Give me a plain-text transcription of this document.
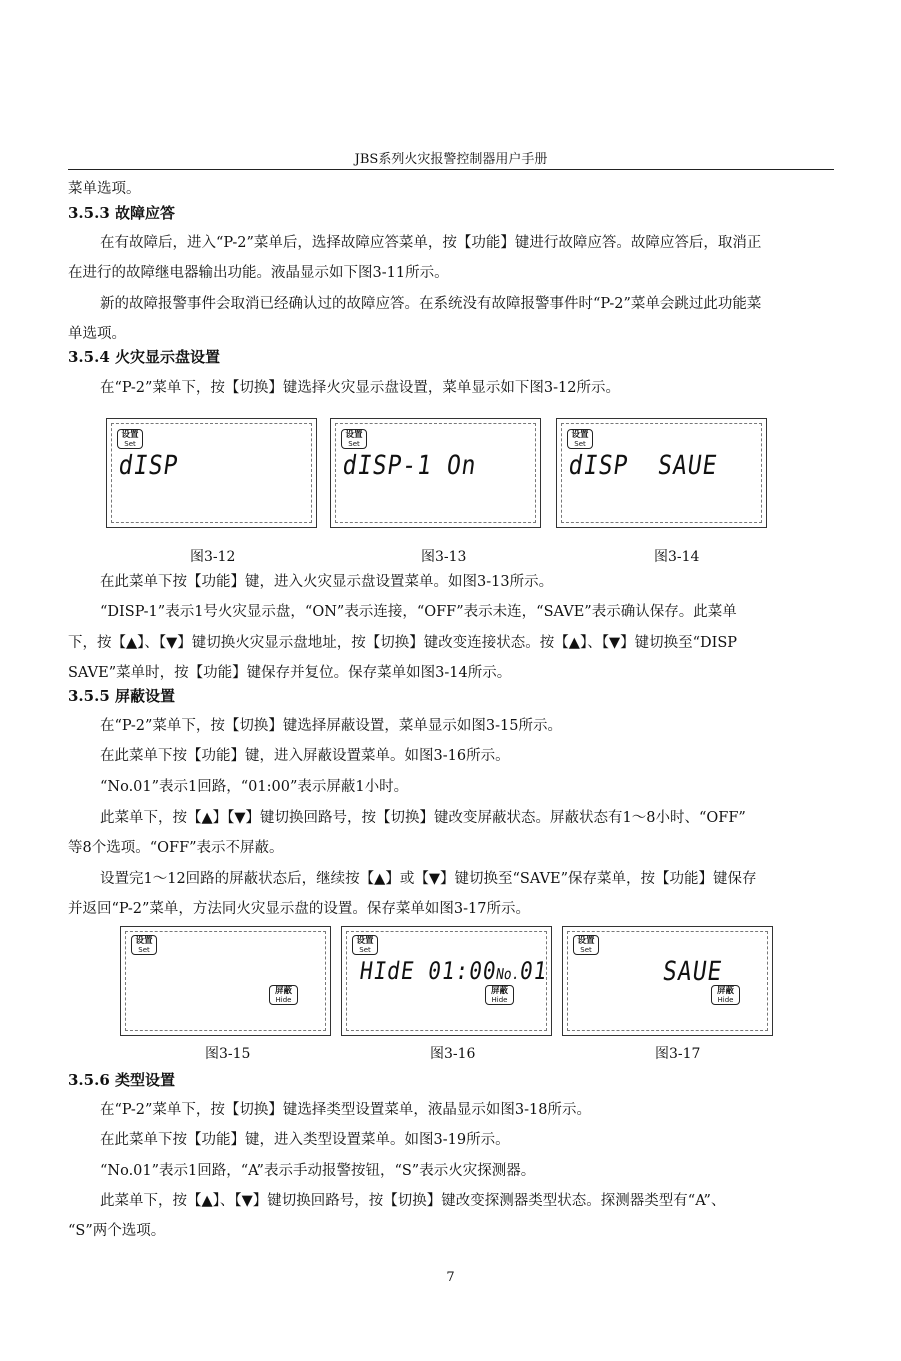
JBS系列火灾报警控制器用户手册
菜单选项。
3.5.3 故障应答
在有故障后，进入“P-2”菜单后，选择故障应答菜单，按【功能】键进行故障应答。故障应答后，取消正
在进行的故障继电器输出功能。液晶显示如下图3-11所示。
新的故障报警事件会取消已经确认过的故障应答。在系统没有故障报警事件时“P-2”菜单会跳过此功能菜
单选项。
3.5.4 火灾显示盘设置
在“P-2”菜单下，按【切换】键选择火灾显示盘设置，菜单显示如下图3-12所示。
设置
Set
dISP
设置
Set
dISP-1 On
设置
Set
dISP  SAUE
图3-12	图3-13	图3-14
在此菜单下按【功能】键，进入火灾显示盘设置菜单。如图3-13所示。
“DISP-1”表示1号火灾显示盘，“ON”表示连接，“OFF”表示未连，“SAVE”表示确认保存。此菜单
下，按【▲】、【▼】键切换火灾显示盘地址，按【切换】键改变连接状态。按【▲】、【▼】键切换至“DISP
SAVE”菜单时，按【功能】键保存并复位。保存菜单如图3-14所示。
3.5.5 屏蔽设置
在“P-2”菜单下，按【切换】键选择屏蔽设置，菜单显示如图3-15所示。
在此菜单下按【功能】键，进入屏蔽设置菜单。如图3-16所示。
“No.01”表示1回路，“01:00”表示屏蔽1小时。
此菜单下，按【▲】【▼】键切换回路号，按【切换】键改变屏蔽状态。屏蔽状态有1～8小时、“OFF”
等8个选项。“OFF”表示不屏蔽。
设置完1～12回路的屏蔽状态后，继续按【▲】或【▼】键切换至“SAVE”保存菜单，按【功能】键保存
并返回“P-2”菜单，方法同火灾显示盘的设置。保存菜单如图3-17所示。
设置
Set
屏蔽
Hide
设置
Set
HIdE 01:00No.01
屏蔽
Hide
设置
Set
SAUE
屏蔽
Hide
图3-15	图3-16	图3-17
3.5.6 类型设置
在“P-2”菜单下，按【切换】键选择类型设置菜单，液晶显示如图3-18所示。
在此菜单下按【功能】键，进入类型设置菜单。如图3-19所示。
“No.01”表示1回路，“A”表示手动报警按钮，“S”表示火灾探测器。
此菜单下，按【▲】、【▼】键切换回路号，按【切换】键改变探测器类型状态。探测器类型有“A”、
“S”两个选项。
7
